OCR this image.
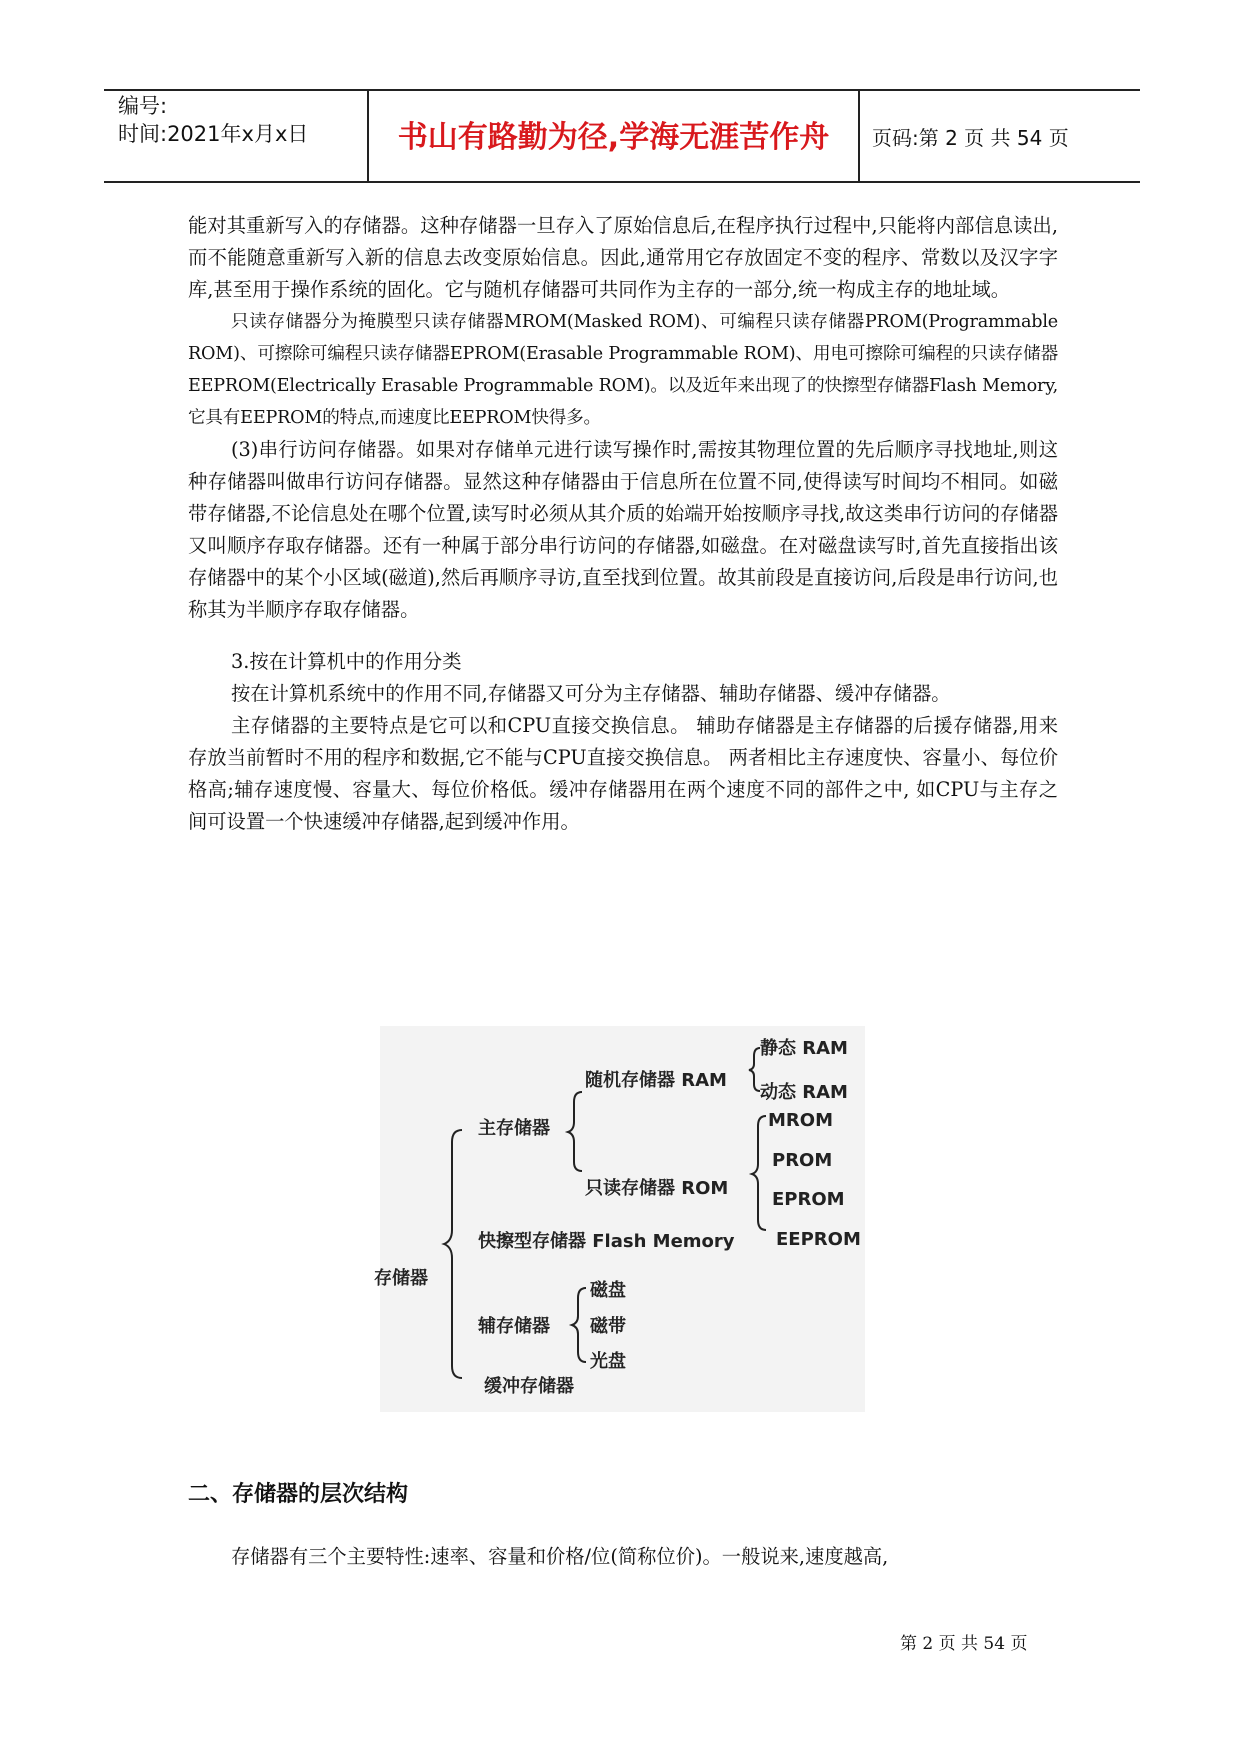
编号:
时间:2021年x月x日	书山有路勤为径,学海无涯苦作舟	页码:第 2 页 共 54 页

能对其重新写入的存储器。这种存储器一旦存入了原始信息后,在程序执行过程中,只能将内部信息读出,而不能随意重新写入新的信息去改变原始信息。因此,通常用它存放固定不变的程序、常数以及汉字字库,甚至用于操作系统的固化。它与随机存储器可共同作为主存的一部分,统一构成主存的地址域。

只读存储器分为掩膜型只读存储器MROM(Masked ROM)、可编程只读存储器PROM(Programmable ROM)、可擦除可编程只读存储器EPROM(Erasable Programmable ROM)、用电可擦除可编程的只读存储器EEPROM(Electrically Erasable Programmable ROM)。以及近年来出现了的快擦型存储器Flash Memory,它具有EEPROM的特点,而速度比EEPROM快得多。

(3)串行访问存储器。如果对存储单元进行读写操作时,需按其物理位置的先后顺序寻找地址,则这种存储器叫做串行访问存储器。显然这种存储器由于信息所在位置不同,使得读写时间均不相同。如磁带存储器,不论信息处在哪个位置,读写时必须从其介质的始端开始按顺序寻找,故这类串行访问的存储器又叫顺序存取存储器。还有一种属于部分串行访问的存储器,如磁盘。在对磁盘读写时,首先直接指出该存储器中的某个小区域(磁道),然后再顺序寻访,直至找到位置。故其前段是直接访问,后段是串行访问,也称其为半顺序存取存储器。

3.按在计算机中的作用分类

按在计算机系统中的作用不同,存储器又可分为主存储器、辅助存储器、缓冲存储器。

主存储器的主要特点是它可以和CPU直接交换信息。 辅助存储器是主存储器的后援存储器,用来存放当前暂时不用的程序和数据,它不能与CPU直接交换信息。 两者相比主存速度快、容量小、每位价格高;辅存速度慢、容量大、每位价格低。缓冲存储器用在两个速度不同的部件之中, 如CPU与主存之间可设置一个快速缓冲存储器,起到缓冲作用。

存储器
主存储器
随机存储器 RAM
静态 RAM
动态 RAM
只读存储器 ROM
MROM
PROM
EPROM
EEPROM
快擦型存储器 Flash Memory
辅存储器
磁盘
磁带
光盘
缓冲存储器
二、存储器的层次结构

存储器有三个主要特性:速率、容量和价格/位(简称位价)。一般说来,速度越高,

第 2 页 共 54 页
